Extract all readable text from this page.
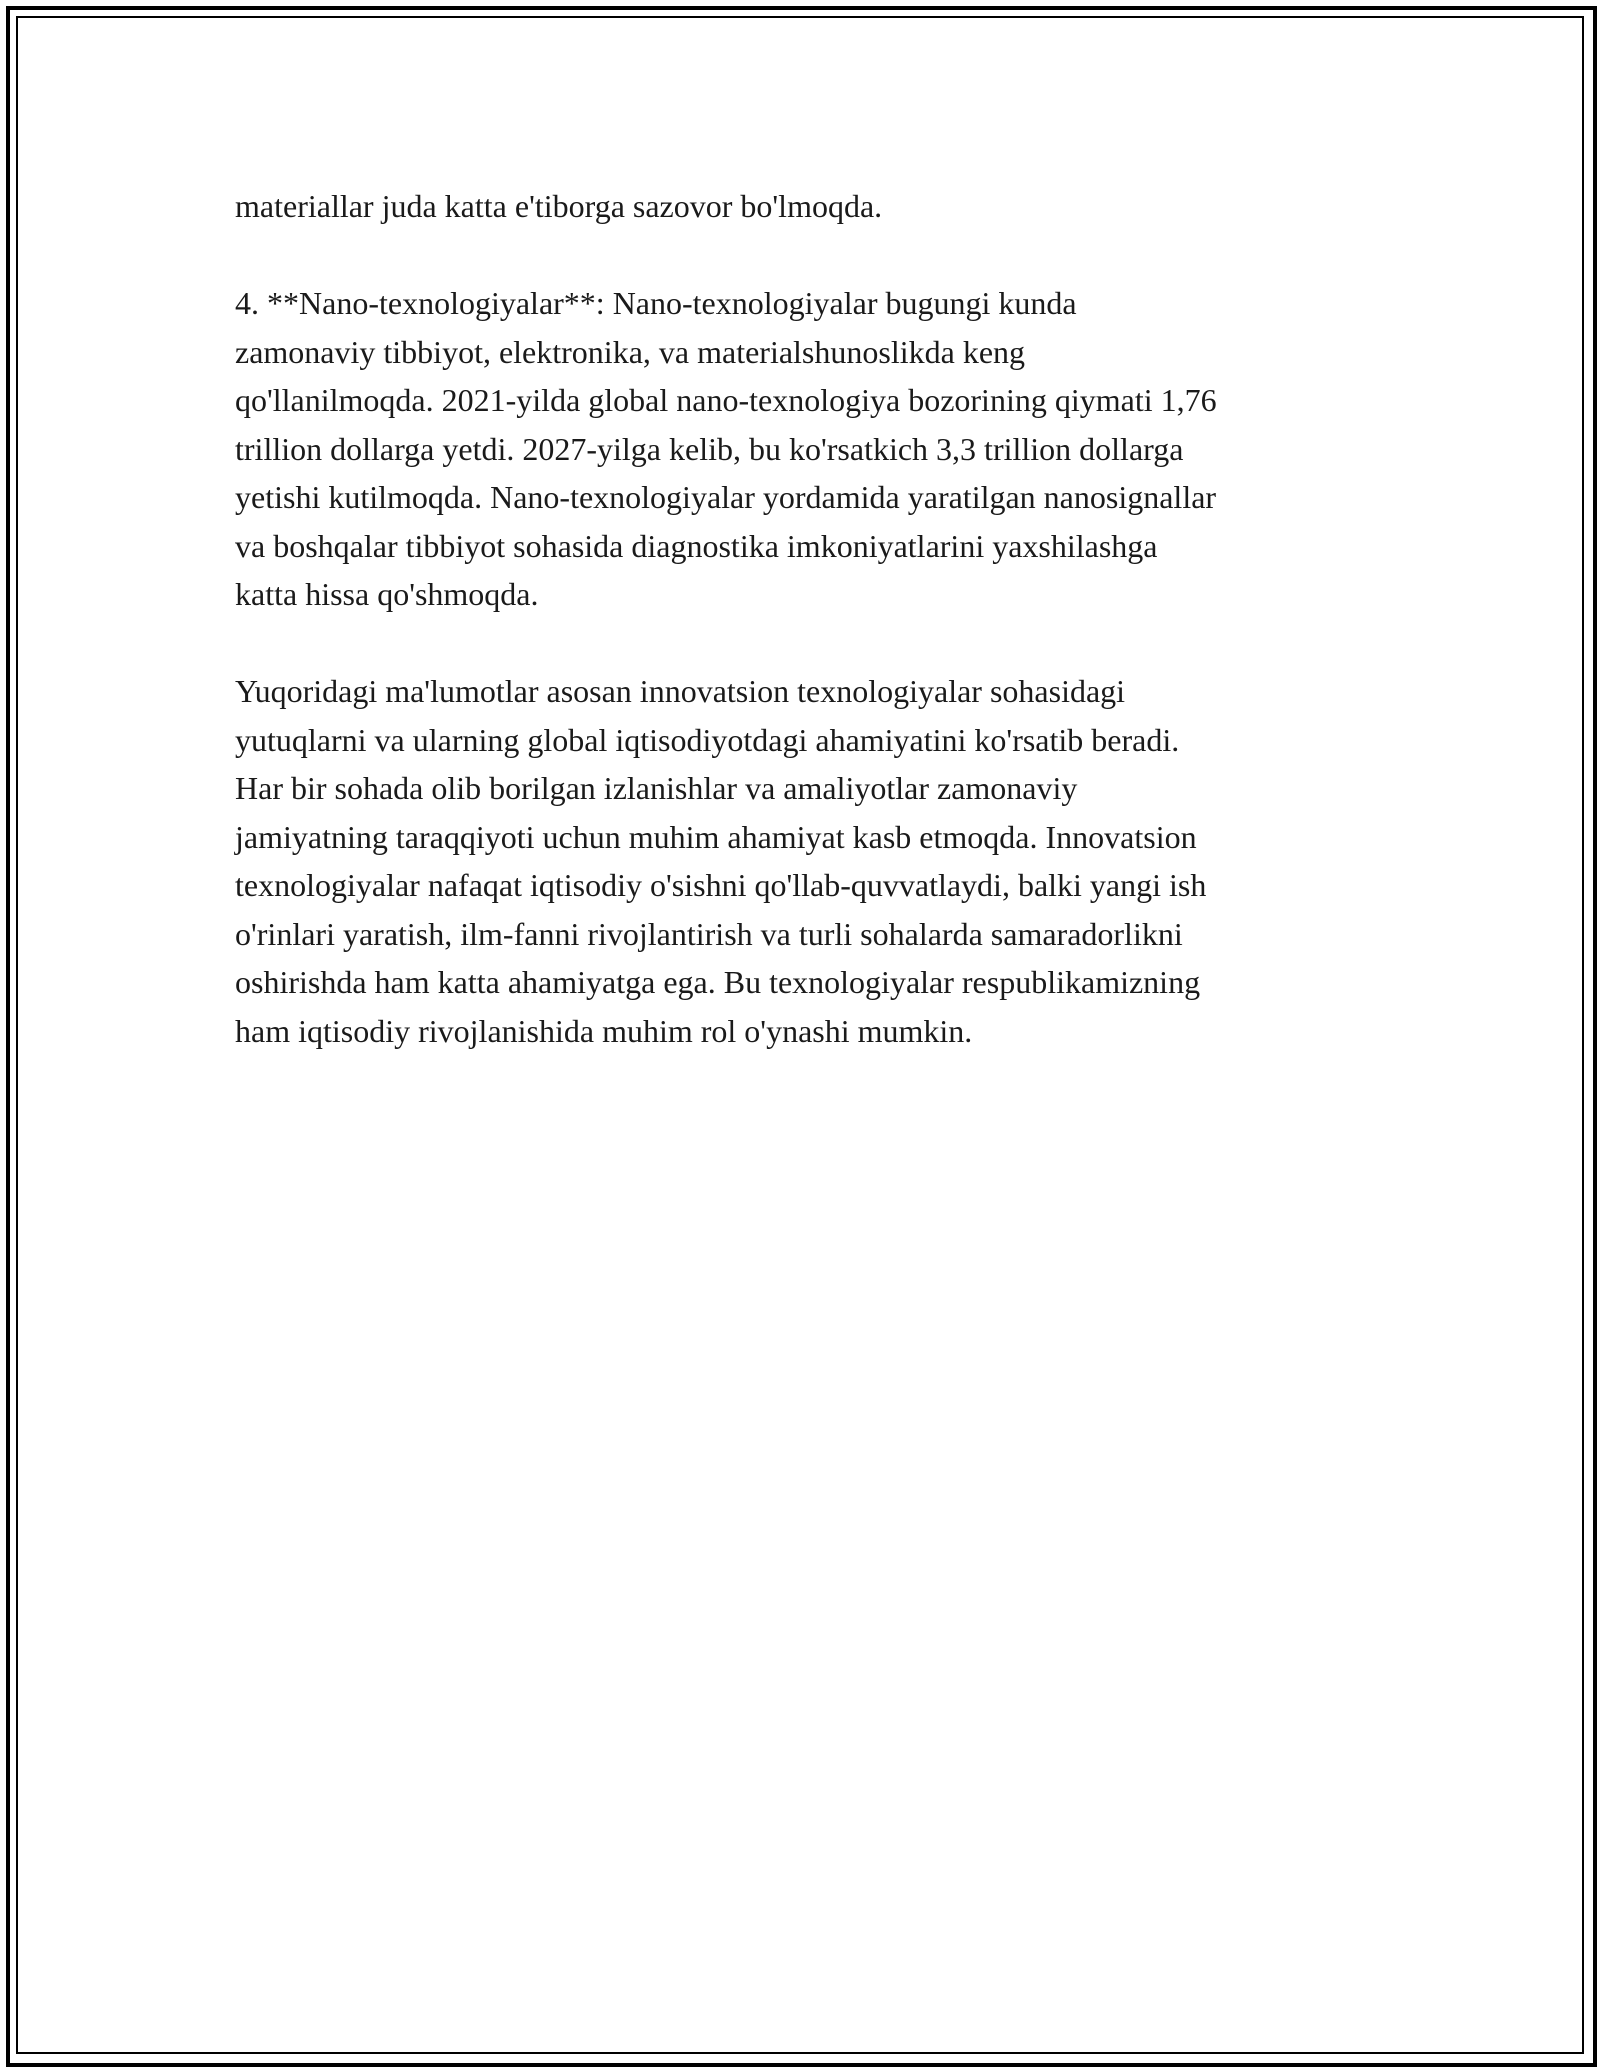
materiallar juda katta e'tiborga sazovor bo'lmoqda.

4. **Nano-texnologiyalar**: Nano-texnologiyalar bugungi kunda
zamonaviy tibbiyot, elektronika, va materialshunoslikda keng
qo'llanilmoqda. 2021-yilda global nano-texnologiya bozorining qiymati 1,76
trillion dollarga yetdi. 2027-yilga kelib, bu ko'rsatkich 3,3 trillion dollarga
yetishi kutilmoqda. Nano-texnologiyalar yordamida yaratilgan nanosignallar
va boshqalar tibbiyot sohasida diagnostika imkoniyatlarini yaxshilashga
katta hissa qo'shmoqda.

Yuqoridagi ma'lumotlar asosan innovatsion texnologiyalar sohasidagi
yutuqlarni va ularning global iqtisodiyotdagi ahamiyatini ko'rsatib beradi.
Har bir sohada olib borilgan izlanishlar va amaliyotlar zamonaviy
jamiyatning taraqqiyoti uchun muhim ahamiyat kasb etmoqda. Innovatsion
texnologiyalar nafaqat iqtisodiy o'sishni qo'llab-quvvatlaydi, balki yangi ish
o'rinlari yaratish, ilm-fanni rivojlantirish va turli sohalarda samaradorlikni
oshirishda ham katta ahamiyatga ega. Bu texnologiyalar respublikamizning
ham iqtisodiy rivojlanishida muhim rol o'ynashi mumkin.
